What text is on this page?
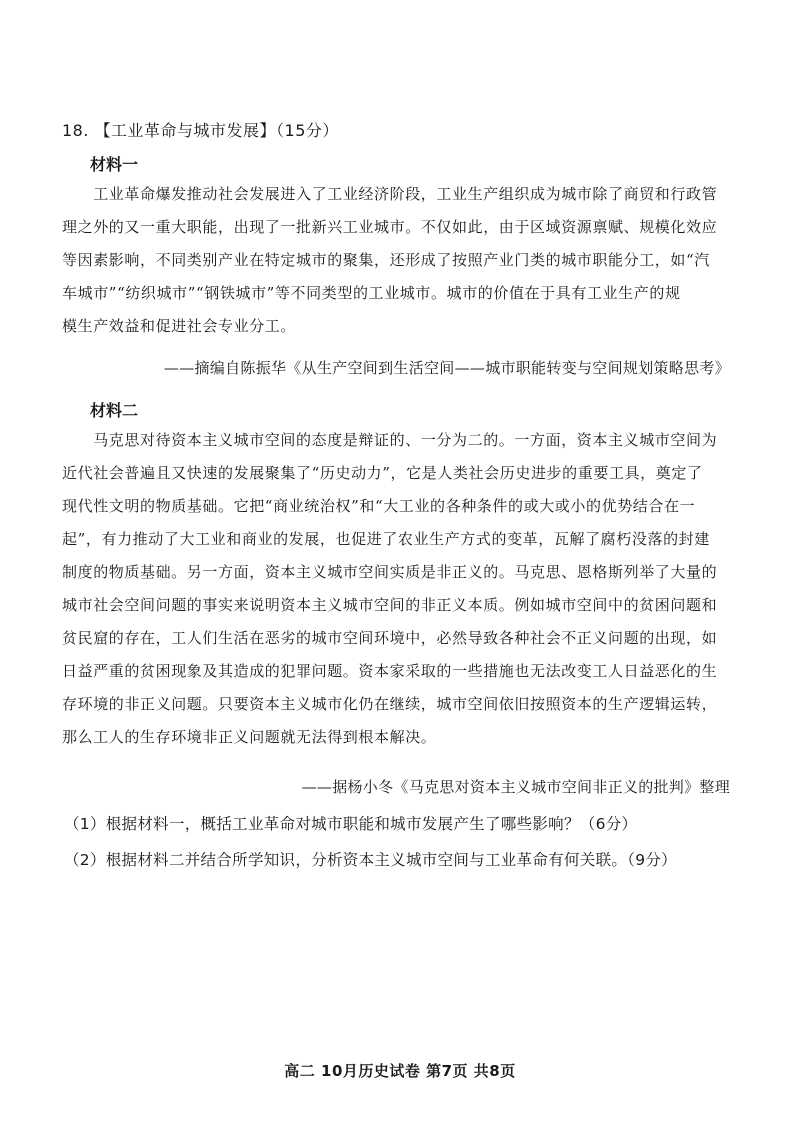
18. 【工业革命与城市发展】（15分）
材料一
　　工业革命爆发推动社会发展进入了工业经济阶段，工业生产组织成为城市除了商贸和行政管
理之外的又一重大职能，出现了一批新兴工业城市。不仅如此，由于区域资源禀赋、规模化效应
等因素影响，不同类别产业在特定城市的聚集，还形成了按照产业门类的城市职能分工，如“汽
车城市”“纺织城市”“钢铁城市”等不同类型的工业城市。城市的价值在于具有工业生产的规
模生产效益和促进社会专业分工。
——摘编自陈振华《从生产空间到生活空间——城市职能转变与空间规划策略思考》
材料二
　　马克思对待资本主义城市空间的态度是辩证的、一分为二的。一方面，资本主义城市空间为
近代社会普遍且又快速的发展聚集了“历史动力”，它是人类社会历史进步的重要工具，奠定了
现代性文明的物质基础。它把“商业统治权”和“大工业的各种条件的或大或小的优势结合在一
起”，有力推动了大工业和商业的发展，也促进了农业生产方式的变革，瓦解了腐朽没落的封建
制度的物质基础。另一方面，资本主义城市空间实质是非正义的。马克思、恩格斯列举了大量的
城市社会空间问题的事实来说明资本主义城市空间的非正义本质。例如城市空间中的贫困问题和
贫民窟的存在，工人们生活在恶劣的城市空间环境中，必然导致各种社会不正义问题的出现，如
日益严重的贫困现象及其造成的犯罪问题。资本家采取的一些措施也无法改变工人日益恶化的生
存环境的非正义问题。只要资本主义城市化仍在继续，城市空间依旧按照资本的生产逻辑运转，
那么工人的生存环境非正义问题就无法得到根本解决。
——据杨小冬《马克思对资本主义城市空间非正义的批判》整理
（1）根据材料一，概括工业革命对城市职能和城市发展产生了哪些影响？（6分）
（2）根据材料二并结合所学知识，分析资本主义城市空间与工业革命有何关联。（9分）
高二 10月历史试卷 第7页 共8页
